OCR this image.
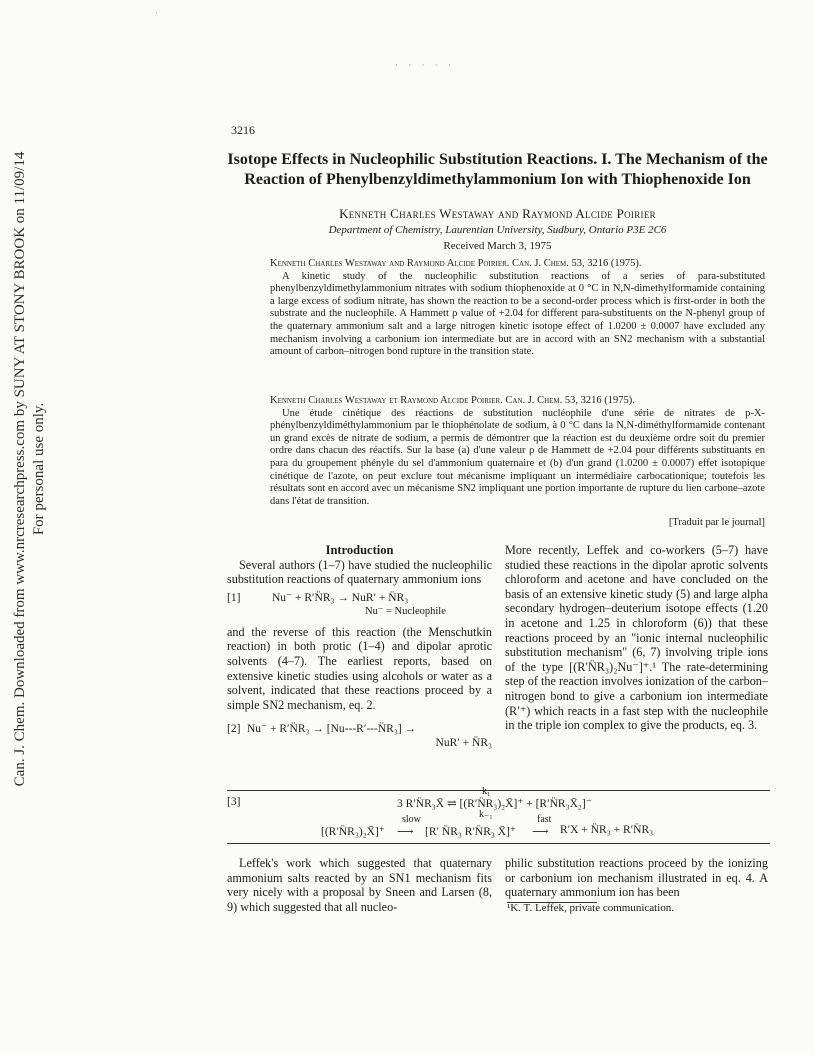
·
· · · · ·
Can. J. Chem. Downloaded from www.nrcresearchpress.com by SUNY AT STONY BROOK on 11/09/14 For personal use only.
3216
Isotope Effects in Nucleophilic Substitution Reactions. I. The Mechanism of the Reaction of Phenylbenzyldimethylammonium Ion with Thiophenoxide Ion
Kenneth Charles Westaway and Raymond Alcide Poirier
Department of Chemistry, Laurentian University, Sudbury, Ontario P3E 2C6
Received March 3, 1975

Kenneth Charles Westaway and Raymond Alcide Poirier. Can. J. Chem. 53, 3216 (1975).

A kinetic study of the nucleophilic substitution reactions of a series of para-substituted phenylbenzyldimethylammonium nitrates with sodium thiophenoxide at 0 °C in N,N-dimethylformamide containing a large excess of sodium nitrate, has shown the reaction to be a second-order process which is first-order in both the substrate and the nucleophile. A Hammett ρ value of +2.04 for different para-substituents on the N-phenyl group of the quaternary ammonium salt and a large nitrogen kinetic isotope effect of 1.0200 ± 0.0007 have excluded any mechanism involving a carbonium ion intermediate but are in accord with an SN2 mechanism with a substantial amount of carbon–nitrogen bond rupture in the transition state.

Kenneth Charles Westaway et Raymond Alcide Poirier. Can. J. Chem. 53, 3216 (1975).

Une étude cinétique des réactions de substitution nucléophile d'une série de nitrates de p-X-phénylbenzyldiméthylammonium par le thiophénolate de sodium, à 0 °C dans la N,N-diméthylformamide contenant un grand excès de nitrate de sodium, a permis de démontrer que la réaction est du deuxième ordre soit du premier ordre dans chacun des réactifs. Sur la base (a) d'une valeur ρ de Hammett de +2.04 pour différents substituants en para du groupement phényle du sel d'ammonium quaternaire et (b) d'un grand (1.0200 ± 0.0007) effet isotopique cinétique de l'azote, on peut exclure tout mécanisme impliquant un intermédiaire carbocationique; toutefois les résultats sont en accord avec un mécanisme SN2 impliquant une portion importante de rupture du lien carbone–azote dans l'état de transition.

[Traduit par le journal]
Introduction

Several authors (1–7) have studied the nucleophilic substitution reactions of quaternary ammonium ions

[1]	Nu⁻ + R′N̈R₃ → NuR′ + N̈R₃
Nu⁻ = Nucleophile

and the reverse of this reaction (the Menschutkin reaction) in both protic (1–4) and dipolar aprotic solvents (4–7). The earliest reports, based on extensive kinetic studies using alcohols or water as a solvent, indicated that these reactions proceed by a simple SN2 mechanism, eq. 2.

[2] Nu⁻ + R′N̈R₃ → [Nu---R′---N̈R₃] →
NuR′ + N̈R₃

More recently, Leffek and co-workers (5–7) have studied these reactions in the dipolar aprotic solvents chloroform and acetone and have concluded on the basis of an extensive kinetic study (5) and large alpha secondary hydrogen–deuterium isotope effects (1.20 in acetone and 1.25 in chloroform (6)) that these reactions proceed by an "ionic internal nucleophilic substitution mechanism" (6, 7) involving triple ions of the type [(R′N̈R₃)₂Nu⁻]⁺.¹ The rate-determining step of the reaction involves ionization of the carbon–nitrogen bond to give a carbonium ion intermediate (R′⁺) which reacts in a fast step with the nucleophile in the triple ion complex to give the products, eq. 3.

[3]
k₁
3 R′N̈R₃X̄ ⇌ [(R′N̈R₃)₂X̄]⁺ + [R′N̈R₃X̄₂]⁻
k₋₁
[(R′N̈R₃)₂X̄]⁺
slow
⟶ [R′ N̈R₃ R′N̈R₃ X̄]⁺
fast
⟶ R′X + N̈R₃ + R′N̈R₃

Leffek's work which suggested that quaternary ammonium salts reacted by an SN1 mechanism fits very nicely with a proposal by Sneen and Larsen (8, 9) which suggested that all nucleo-

philic substitution reactions proceed by the ionizing or carbonium ion mechanism illustrated in eq. 4. A quaternary ammonium ion has been

¹K. T. Leffek, private communication.
